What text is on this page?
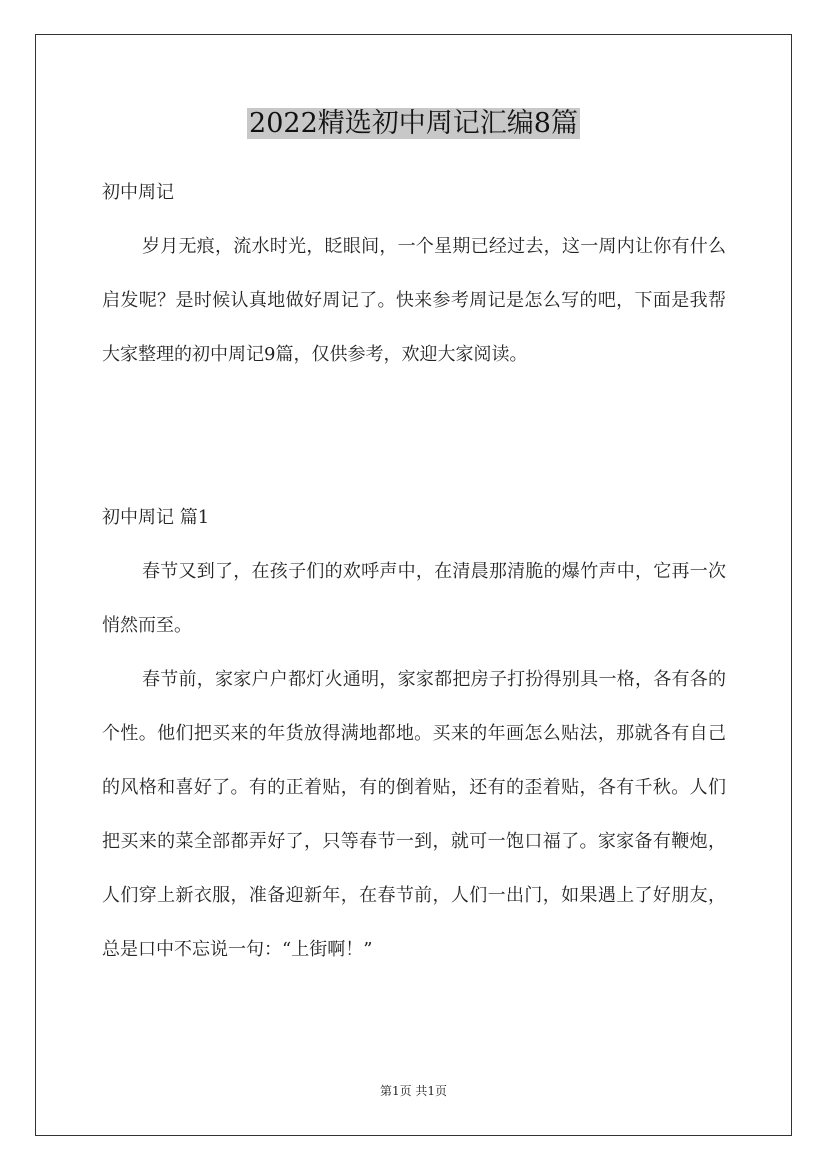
2022精选初中周记汇编8篇
初中周记

岁月无痕，流水时光，眨眼间，一个星期已经过去，这一周内让你有什么启发呢？是时候认真地做好周记了。快来参考周记是怎么写的吧，下面是我帮大家整理的初中周记9篇，仅供参考，欢迎大家阅读。

初中周记 篇1

春节又到了，在孩子们的欢呼声中，在清晨那清脆的爆竹声中，它再一次悄然而至。

春节前，家家户户都灯火通明，家家都把房子打扮得别具一格，各有各的个性。他们把买来的年货放得满地都地。买来的年画怎么贴法，那就各有自己的风格和喜好了。有的正着贴，有的倒着贴，还有的歪着贴，各有千秋。人们把买来的菜全部都弄好了，只等春节一到，就可一饱口福了。家家备有鞭炮，人们穿上新衣服，准备迎新年，在春节前，人们一出门，如果遇上了好朋友，总是口中不忘说一句：“上街啊！”

第1页 共1页
